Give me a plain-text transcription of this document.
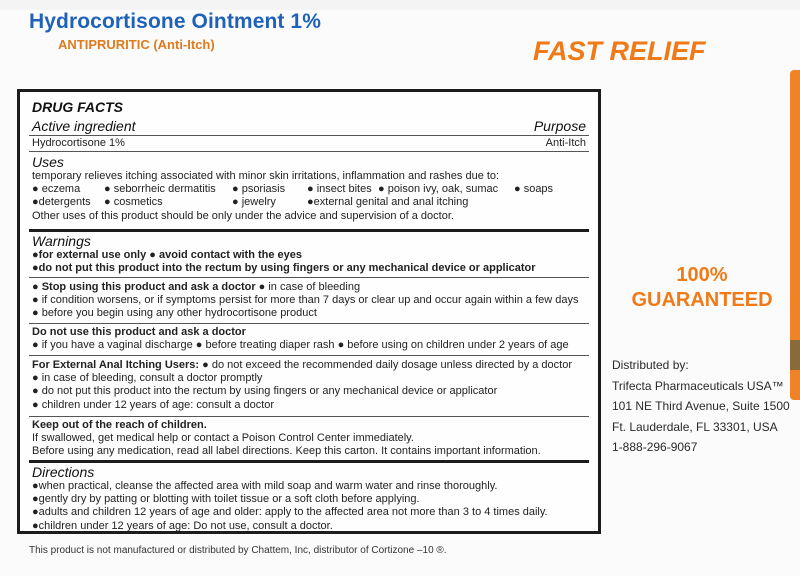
Hydrocortisone Ointment 1%
ANTIPRURITIC (Anti-Itch)	FAST RELIEF
100%
GUARANTEED
Distributed by:
Trifecta Pharmaceuticals USA™
101 NE Third Avenue, Suite 1500
Ft. Lauderdale, FL 33301, USA
1-888-296-9067
DRUG FACTS
Active ingredient	Purpose
Hydrocortisone 1%	Anti-Itch
Uses
temporary relieves itching associated with minor skin irritations, inflammation and rashes due to:
● eczema	● seborrheic dermatitis	● psoriasis	● insect bites ● poison ivy, oak, sumac	● soaps
●detergents	● cosmetics	● jewelry	●external genital and anal itching
Other uses of this product should be only under the advice and supervision of a doctor.
Warnings
●for external use only ● avoid contact with the eyes
●do not put this product into the rectum by using fingers or any mechanical device or applicator
● Stop using this product and ask a doctor ● in case of bleeding
● if condition worsens, or if symptoms persist for more than 7 days or clear up and occur again within a few days
● before you begin using any other hydrocortisone product
Do not use this product and ask a doctor
● if you have a vaginal discharge ● before treating diaper rash ● before using on children under 2 years of age
For External Anal Itching Users: ● do not exceed the recommended daily dosage unless directed by a doctor
● in case of bleeding, consult a doctor promptly
● do not put this product into the rectum by using fingers or any mechanical device or applicator
● children under 12 years of age: consult a doctor
Keep out of the reach of children.
If swallowed, get medical help or contact a Poison Control Center immediately.
Before using any medication, read all label directions. Keep this carton. It contains important information.
Directions
●when practical, cleanse the affected area with mild soap and warm water and rinse thoroughly.
●gently dry by patting or blotting with toilet tissue or a soft cloth before applying.
●adults and children 12 years of age and older: apply to the affected area not more than 3 to 4 times daily.
●children under 12 years of age: Do not use, consult a doctor.
This product is not manufactured or distributed by Chattem, Inc, distributor of Cortizone –10 ®.
